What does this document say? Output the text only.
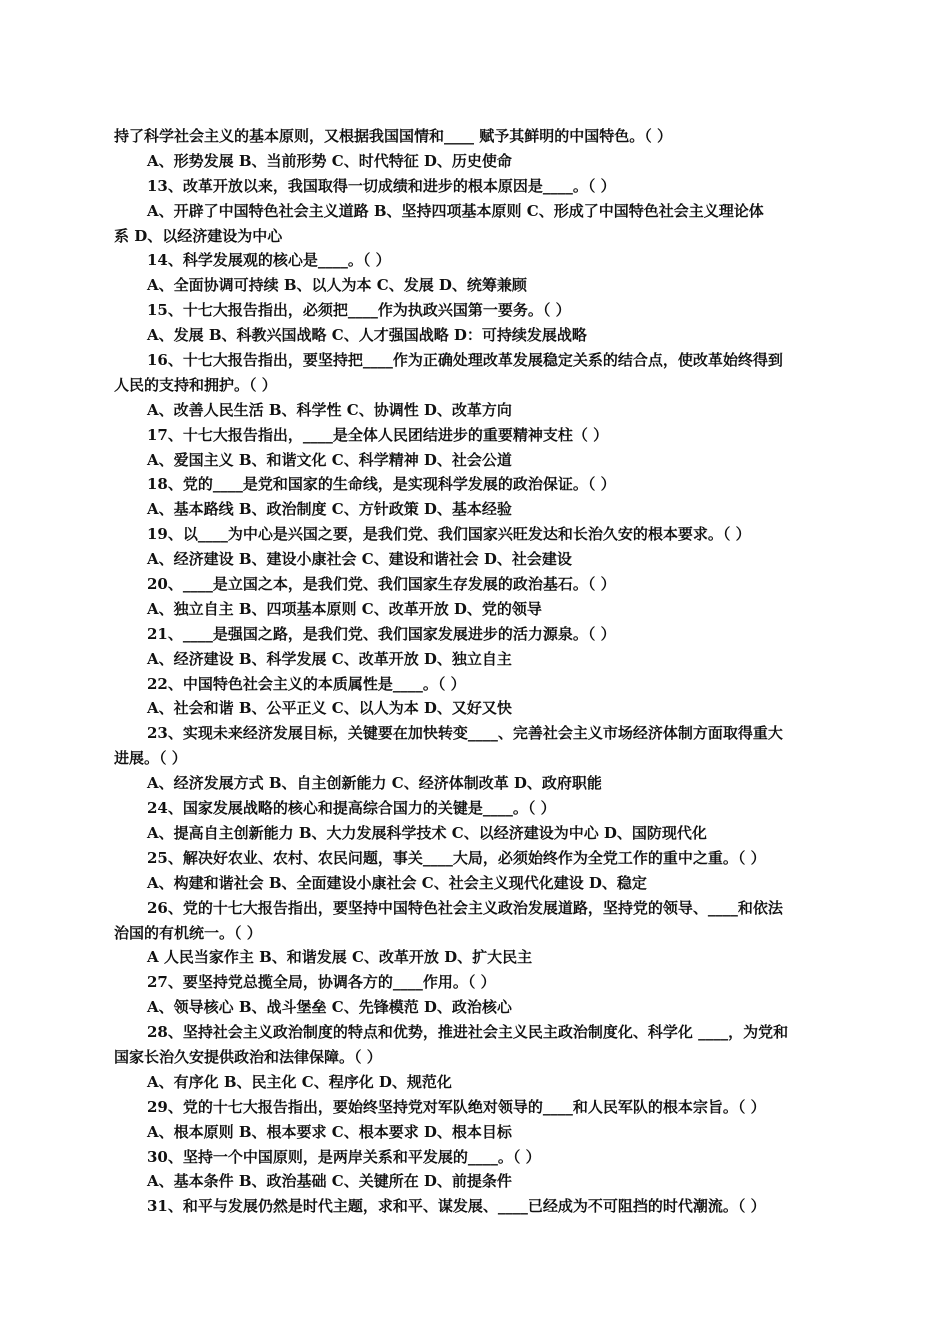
持了科学社会主义的基本原则，又根据我国国情和____ 赋予其鲜明的中国特色。（ ）
A、形势发展 B、当前形势 C、时代特征 D、历史使命
13、改革开放以来，我国取得一切成绩和进步的根本原因是____。（ ）
A、开辟了中国特色社会主义道路 B、坚持四项基本原则 C、形成了中国特色社会主义理论体
系 D、以经济建设为中心
14、科学发展观的核心是____。（ ）
A、全面协调可持续 B、以人为本 C、发展 D、统筹兼顾
15、十七大报告指出，必须把____作为执政兴国第一要务。（ ）
A、发展 B、科教兴国战略 C、人才强国战略 D：可持续发展战略
16、十七大报告指出，要坚持把____作为正确处理改革发展稳定关系的结合点，使改革始终得到
人民的支持和拥护。（ ）
A、改善人民生活 B、科学性 C、协调性 D、改革方向
17、十七大报告指出，____是全体人民团结进步的重要精神支柱（ ）
A、爱国主义 B、和谐文化 C、科学精神 D、社会公道
18、党的____是党和国家的生命线，是实现科学发展的政治保证。（ ）
A、基本路线 B、政治制度 C、方针政策 D、基本经验
19、以____为中心是兴国之要，是我们党、我们国家兴旺发达和长治久安的根本要求。（ ）
A、经济建设 B、建设小康社会 C、建设和谐社会 D、社会建设
20、____是立国之本，是我们党、我们国家生存发展的政治基石。（ ）
A、独立自主 B、四项基本原则 C、改革开放 D、党的领导
21、____是强国之路，是我们党、我们国家发展进步的活力源泉。（ ）
A、经济建设 B、科学发展 C、改革开放 D、独立自主
22、中国特色社会主义的本质属性是____。（ ）
A、社会和谐 B、公平正义 C、以人为本 D、又好又快
23、实现未来经济发展目标，关键要在加快转变____、完善社会主义市场经济体制方面取得重大
进展。（ ）
A、经济发展方式 B、自主创新能力 C、经济体制改革 D、政府职能
24、国家发展战略的核心和提高综合国力的关键是____。（ ）
A、提高自主创新能力 B、大力发展科学技术 C、以经济建设为中心 D、国防现代化
25、解决好农业、农村、农民问题，事关____大局，必须始终作为全党工作的重中之重。（ ）
A、构建和谐社会 B、全面建设小康社会 C、社会主义现代化建设 D、稳定
26、党的十七大报告指出，要坚持中国特色社会主义政治发展道路，坚持党的领导、____和依法
治国的有机统一。（ ）
A 人民当家作主 B、和谐发展 C、改革开放 D、扩大民主
27、要坚持党总揽全局，协调各方的____作用。（ ）
A、领导核心 B、战斗堡垒 C、先锋模范 D、政治核心
28、坚持社会主义政治制度的特点和优势，推进社会主义民主政治制度化、科学化 ____，为党和
国家长治久安提供政治和法律保障。（ ）
A、有序化 B、民主化 C、程序化 D、规范化
29、党的十七大报告指出，要始终坚持党对军队绝对领导的____和人民军队的根本宗旨。（ ）
A、根本原则 B、根本要求 C、根本要求 D、根本目标
30、坚持一个中国原则，是两岸关系和平发展的____。（ ）
A、基本条件 B、政治基础 C、关键所在 D、前提条件
31、和平与发展仍然是时代主题，求和平、谋发展、____已经成为不可阻挡的时代潮流。（ ）
